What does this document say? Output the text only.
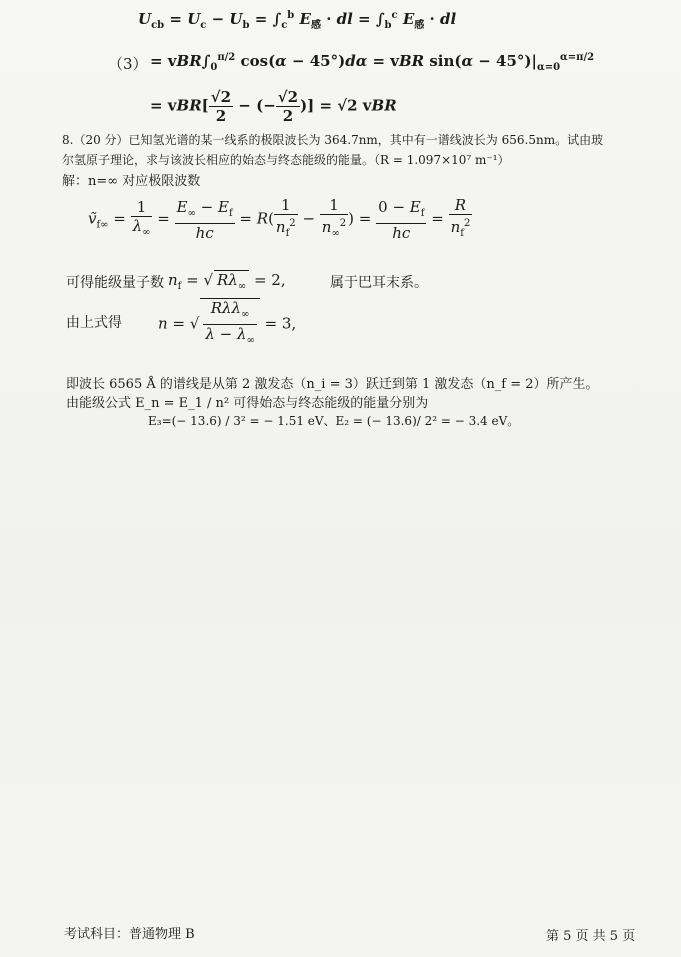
$U_{cb} = U_c - U_b = \int_c^b$ $E_感$ · dl = $\int_b^c$ $E_感$ · dl
$(3) = vBR\int_0^{\pi/2}$ cos(α − 45°)dα = vBR $\sin(\alpha - 45^\circ)|_{\alpha=0}^{\alpha=\pi/2}$
= $vBR[ \frac{√2}{2}$ − (− $\frac{√2}{2}$ )] = √2 vBR
8.（20 分）已知氢光谱的某一线系的极限波长为 364.7nm，其中有一谱线波长为 656.5nm。试由玻
尔氢原子理论，求与该波长相应的始态与终态能级的能量。（R = 1.097×10⁷ m⁻¹）
解：n=∞ 对应极限波数
ṽ$_{f\infty}$ = $\frac{1}{\lambda_\infty} = \frac{E_\infty - E_f}{hc} = R( \frac{1}{n_f^2} - \frac{1}{n_\infty^2}$ ) = $\frac{0 - E_f}{hc} = \frac{R}{n_f^2}$
可得能级量子数 $n_f$ = √ $R\lambda_\infty = 2$,	属于巴耳末系。
由上式得 n = √ $\frac{R\lambda\lambda_\infty}{\lambda - \lambda_\infty} = 3$,
即波长 6565 Å 的谱线是从第 2 激发态（n_i = 3）跃迁到第 1 激发态（n_f = 2）所产生。
由能级公式 E_n = E_1 / n² 可得始态与终态能级的能量分别为
E₃=(− 13.6) / 3² = − 1.51 eV、E₂ = (− 13.6)/ 2² = − 3.4 eV。
考试科目：普通物理 B	第 5 页 共 5 页
